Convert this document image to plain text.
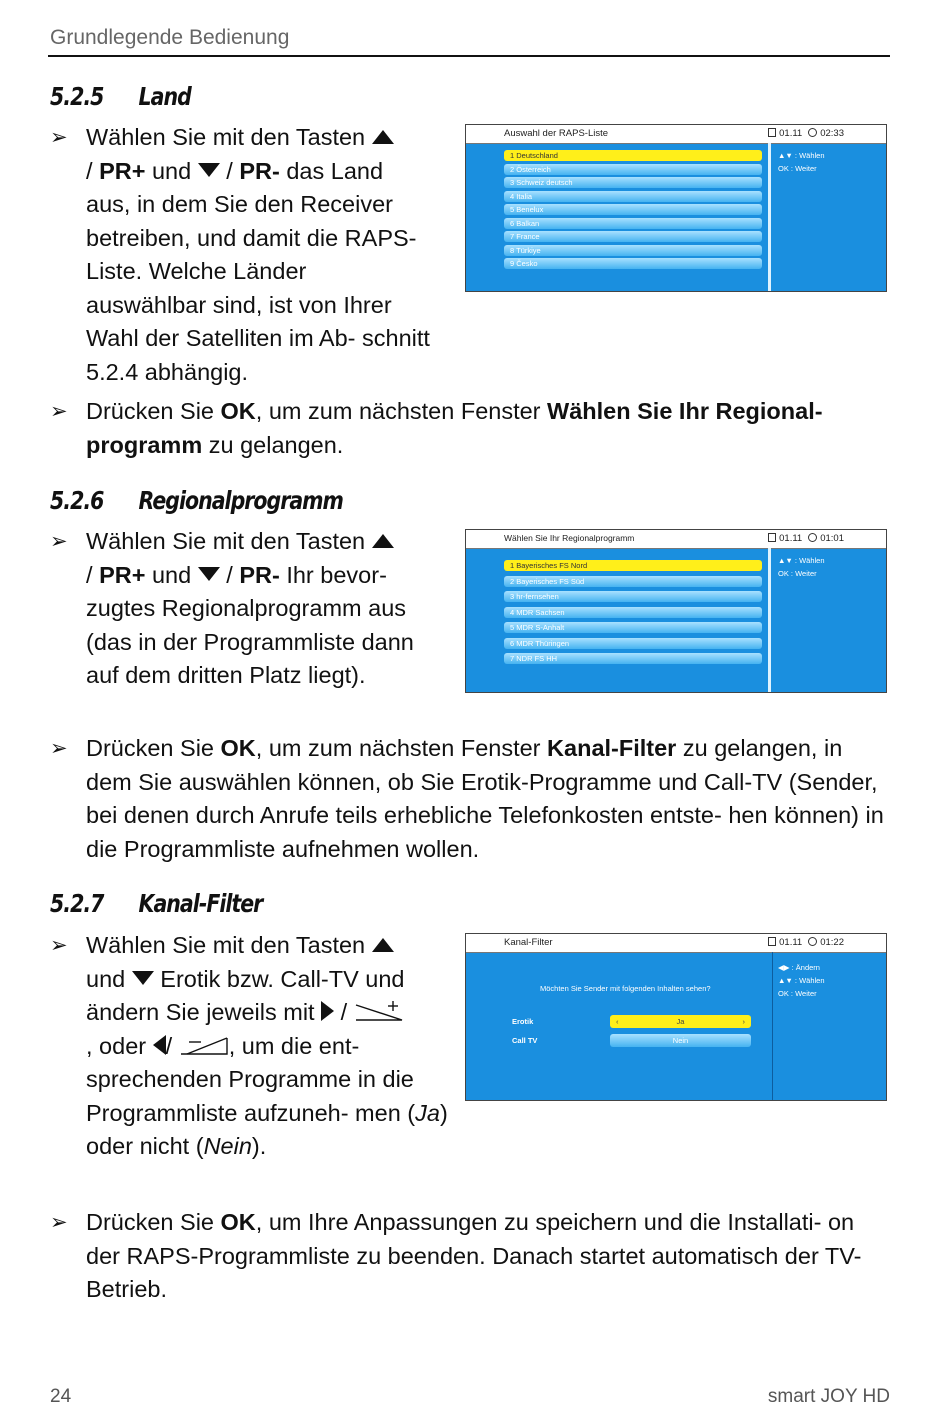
Grundlegende Bedienung
5.2.5 Land
➢ Wählen Sie mit den Tasten
/ PR+ und / PR- das Land aus, in dem Sie den Receiver betreiben, und damit die RAPS-Liste. Welche Länder auswählbar sind, ist von Ihrer Wahl der Satelliten im Ab- schnitt 5.2.4 abhängig.
➢ Drücken Sie OK, um zum nächsten Fenster Wählen Sie Ihr Regional- programm zu gelangen.
Auswahl der RAPS-Liste	01.11 02:33
1 Deutschland
2 Österreich
3 Schweiz deutsch
4 Italia
5 Benelux
6 Balkan
7 France
8 Türkiye
9 Česko
▲▼ : Wählen
OK : Weiter
5.2.6 Regionalprogramm
➢ Wählen Sie mit den Tasten
/ PR+ und / PR- Ihr bevor- zugtes Regionalprogramm aus (das in der Programmliste dann auf dem dritten Platz liegt).
➢ Drücken Sie OK, um zum nächsten Fenster Kanal-Filter zu gelangen, in dem Sie auswählen können, ob Sie Erotik-Programme und Call-TV (Sender, bei denen durch Anrufe teils erhebliche Telefonkosten entste- hen können) in die Programmliste aufnehmen wollen.
Wählen Sie Ihr Regionalprogramm	01.11 01:01
1 Bayerisches FS Nord
2 Bayerisches FS Süd
3 hr-fernsehen
4 MDR Sachsen
5 MDR S-Anhalt
6 MDR Thüringen
7 NDR FS HH
▲▼ : Wählen
OK : Weiter
5.2.7 Kanal-Filter
➢ Wählen Sie mit den Tasten
und Erotik bzw. Call-TV und ändern Sie jeweils mit /
, oder / , um die ent- sprechenden Programme in die Programmliste aufzuneh- men (Ja)
oder nicht (Nein).
➢ Drücken Sie OK, um Ihre Anpassungen zu speichern und die Installati- on der RAPS-Programmliste zu beenden. Danach startet automatisch der TV-Betrieb.
Kanal-Filter	01.11 01:22
Möchten Sie Sender mit folgenden Inhalten sehen?
Erotik	‹	Ja	›
Call TV	Nein
◀▶ : Ändern
▲▼ : Wählen
OK : Weiter
24	smart JOY HD
